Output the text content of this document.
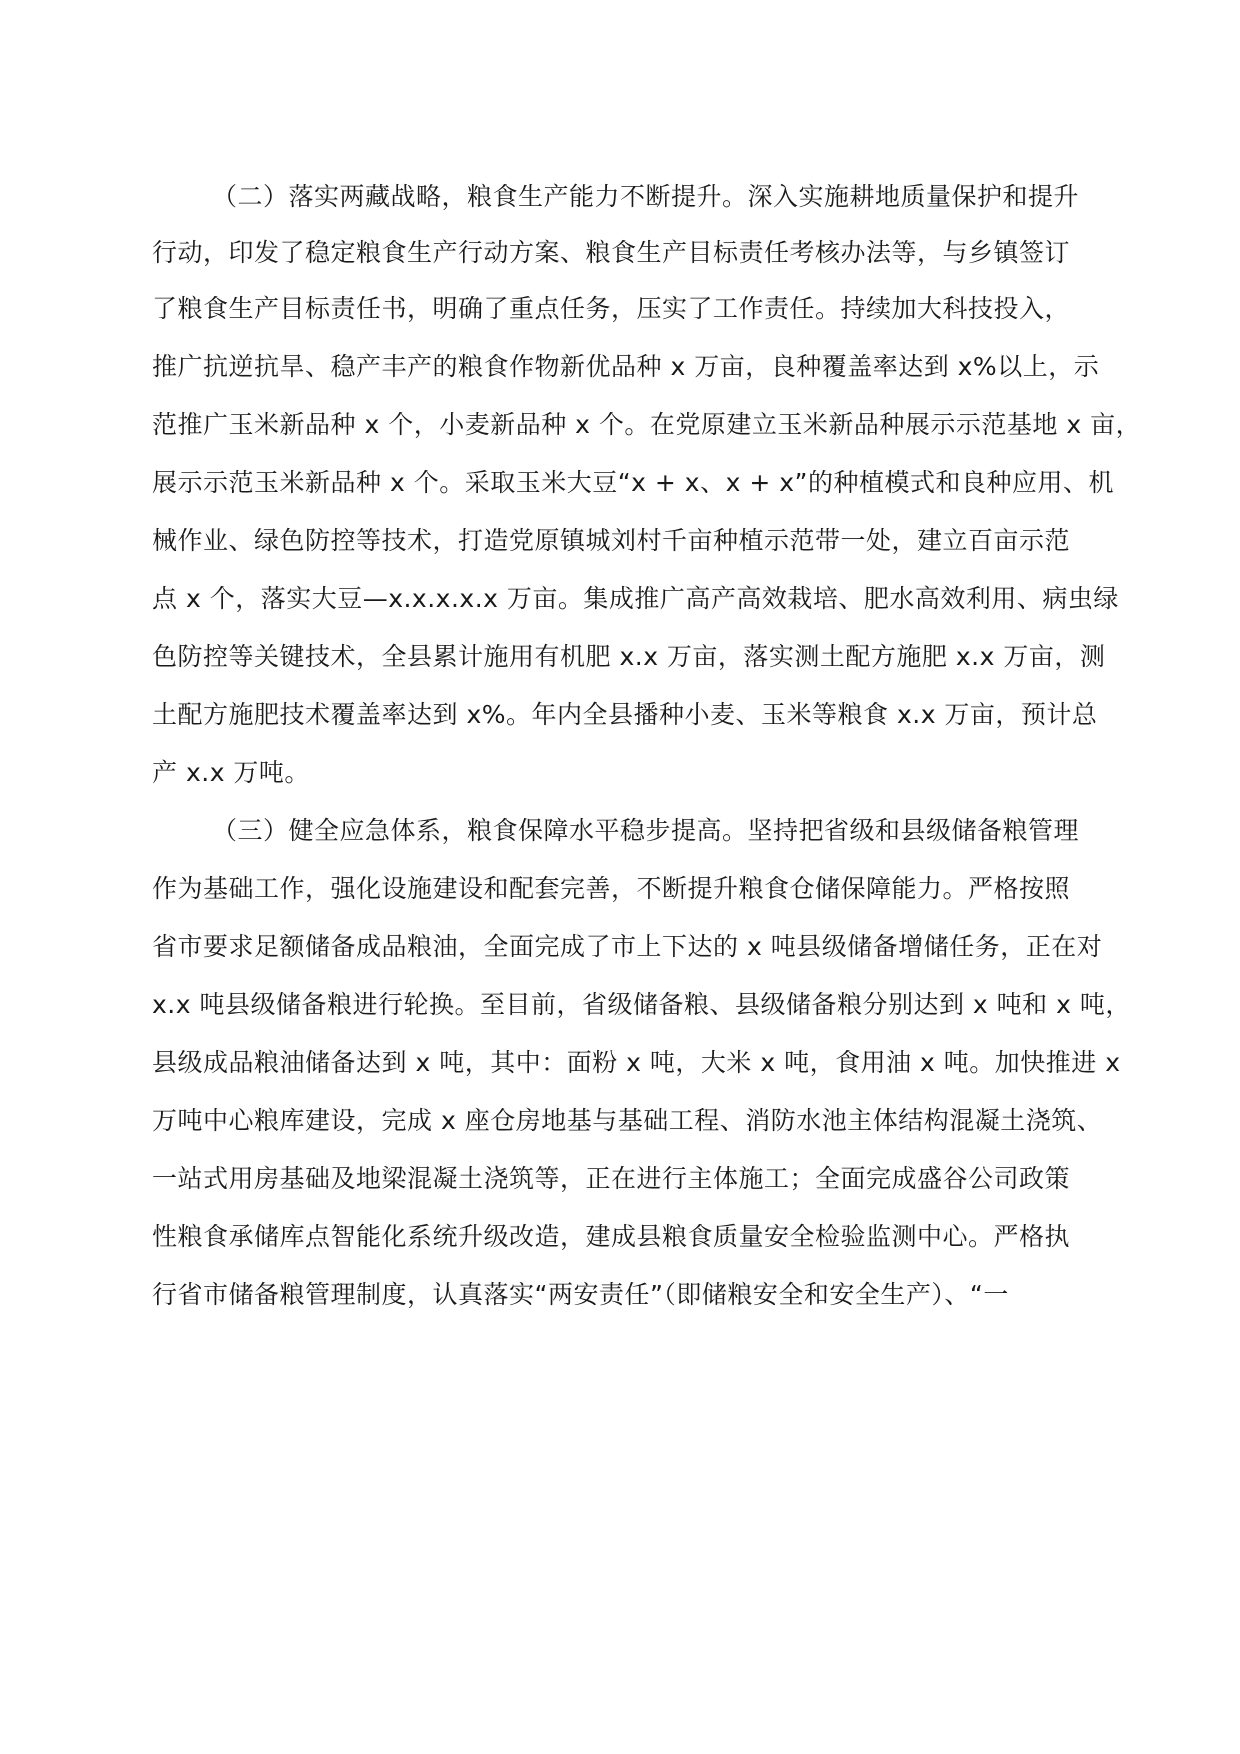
（二）落实两藏战略，粮食生产能力不断提升。深入实施耕地质量保护和提升
行动，印发了稳定粮食生产行动方案、粮食生产目标责任考核办法等，与乡镇签订
了粮食生产目标责任书，明确了重点任务，压实了工作责任。持续加大科技投入，
推广抗逆抗旱、稳产丰产的粮食作物新优品种 x 万亩，良种覆盖率达到 x%以上，示
范推广玉米新品种 x 个，小麦新品种 x 个。在党原建立玉米新品种展示示范基地 x 亩，
展示示范玉米新品种 x 个。采取玉米大豆“x + x、x + x”的种植模式和良种应用、机
械作业、绿色防控等技术，打造党原镇城刘村千亩种植示范带一处，建立百亩示范
点 x 个，落实大豆—x.x.x.x.x 万亩。集成推广高产高效栽培、肥水高效利用、病虫绿
色防控等关键技术，全县累计施用有机肥 x.x 万亩，落实测土配方施肥 x.x 万亩，测
土配方施肥技术覆盖率达到 x%。年内全县播种小麦、玉米等粮食 x.x 万亩，预计总
产 x.x 万吨。
（三）健全应急体系，粮食保障水平稳步提高。坚持把省级和县级储备粮管理
作为基础工作，强化设施建设和配套完善，不断提升粮食仓储保障能力。严格按照
省市要求足额储备成品粮油，全面完成了市上下达的 x 吨县级储备增储任务，正在对
x.x 吨县级储备粮进行轮换。至目前，省级储备粮、县级储备粮分别达到 x 吨和 x 吨，
县级成品粮油储备达到 x 吨，其中：面粉 x 吨，大米 x 吨，食用油 x 吨。加快推进 x
万吨中心粮库建设，完成 x 座仓房地基与基础工程、消防水池主体结构混凝土浇筑、
一站式用房基础及地梁混凝土浇筑等，正在进行主体施工；全面完成盛谷公司政策
性粮食承储库点智能化系统升级改造，建成县粮食质量安全检验监测中心。严格执
行省市储备粮管理制度，认真落实“两安责任”（即储粮安全和安全生产）、“一
